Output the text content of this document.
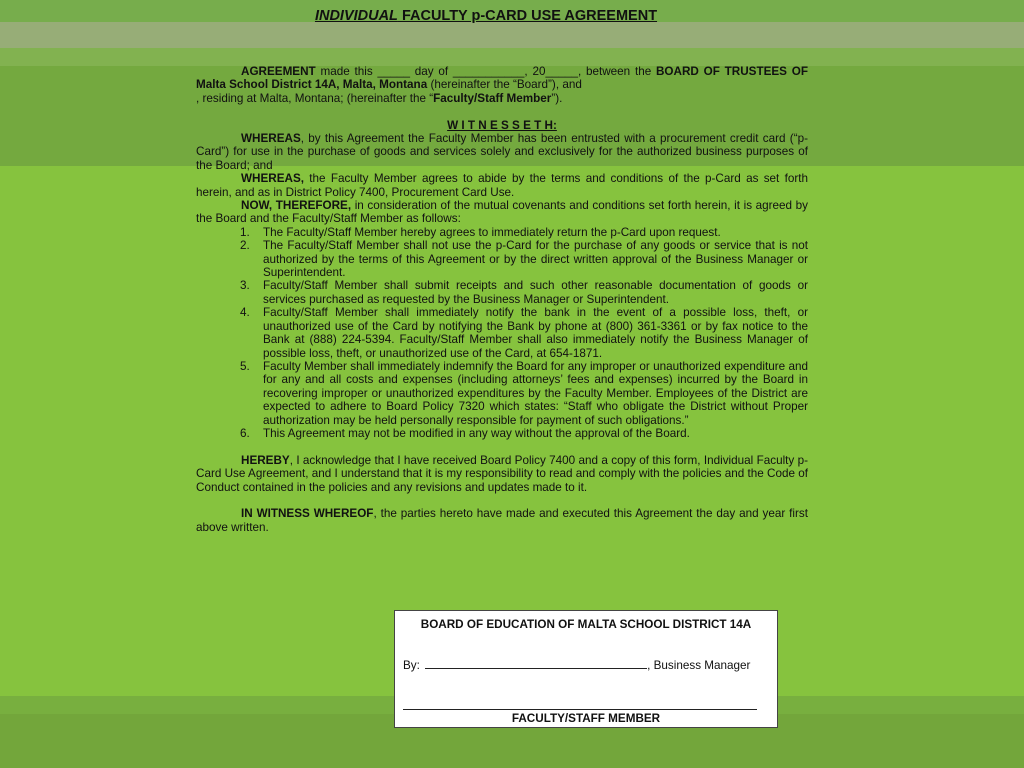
INDIVIDUAL FACULTY p-CARD USE AGREEMENT

AGREEMENT made this _____ day of ___________, 20_____, between the BOARD OF TRUSTEES OF Malta School District 14A, Malta, Montana (hereinafter the “Board”), and
, residing at Malta, Montana; (hereinafter the “Faculty/Staff Member”).

W I T N E S S E T H:

WHEREAS, by this Agreement the Faculty Member has been entrusted with a procurement credit card (“p-Card”) for use in the purchase of goods and services solely and exclusively for the authorized business purposes of the Board; and

WHEREAS, the Faculty Member agrees to abide by the terms and conditions of the p-Card as set forth herein, and as in District Policy 7400, Procurement Card Use.

NOW, THEREFORE, in consideration of the mutual covenants and conditions set forth herein, it is agreed by the Board and the Faculty/Staff Member as follows:

1. The Faculty/Staff Member hereby agrees to immediately return the p-Card upon request.
2. The Faculty/Staff Member shall not use the p-Card for the purchase of any goods or service that is not authorized by the terms of this Agreement or by the direct written approval of the Business Manager or Superintendent.
3. Faculty/Staff Member shall submit receipts and such other reasonable documentation of goods or services purchased as requested by the Business Manager or Superintendent.
4. Faculty/Staff Member shall immediately notify the bank in the event of a possible loss, theft, or unauthorized use of the Card by notifying the Bank by phone at (800) 361-3361 or by fax notice to the Bank at (888) 224-5394. Faculty/Staff Member shall also immediately notify the Business Manager of possible loss, theft, or unauthorized use of the Card, at 654-1871.
5. Faculty Member shall immediately indemnify the Board for any improper or unauthorized expenditure and for any and all costs and expenses (including attorneys’ fees and expenses) incurred by the Board in recovering improper or unauthorized expenditures by the Faculty Member. Employees of the District are expected to adhere to Board Policy 7320 which states: “Staff who obligate the District without Proper authorization may be held personally responsible for payment of such obligations.”
6. This Agreement may not be modified in any way without the approval of the Board.

HEREBY, I acknowledge that I have received Board Policy 7400 and a copy of this form, Individual Faculty p-Card Use Agreement, and I understand that it is my responsibility to read and comply with the policies and the Code of Conduct contained in the policies and any revisions and updates made to it.

IN WITNESS WHEREOF, the parties hereto have made and executed this Agreement the day and year first above written.

BOARD OF EDUCATION OF MALTA SCHOOL DISTRICT 14A
By:	, Business Manager
FACULTY/STAFF MEMBER
